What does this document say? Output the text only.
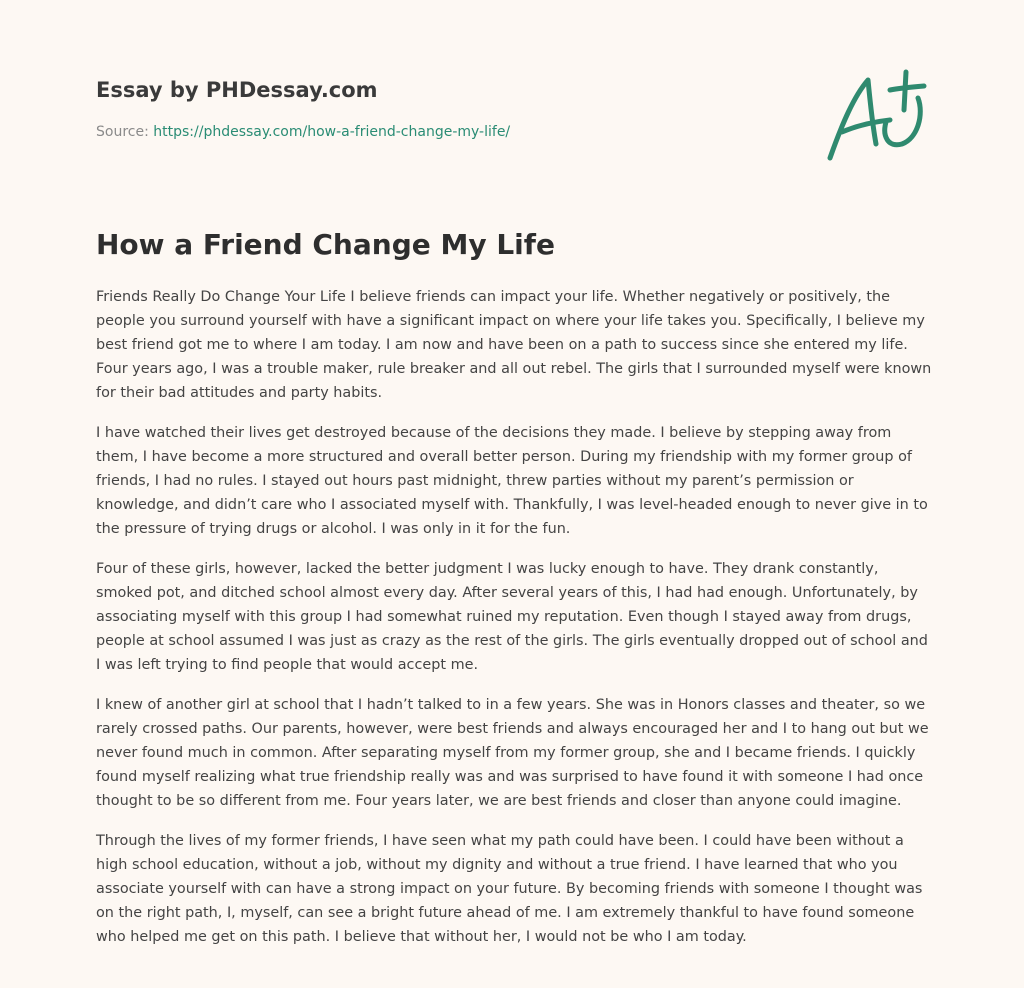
Essay by PHDessay.com
Source: https://phdessay.com/how-a-friend-change-my-life/
How a Friend Change My Life

Friends Really Do Change Your Life I believe friends can impact your life. Whether negatively or positively, the people you surround yourself with have a significant impact on where your life takes you. Specifically, I believe my best friend got me to where I am today. I am now and have been on a path to success since she entered my life. Four years ago, I was a trouble maker, rule breaker and all out rebel. The girls that I surrounded myself were known for their bad attitudes and party habits.

I have watched their lives get destroyed because of the decisions they made. I believe by stepping away from them, I have become a more structured and overall better person. During my friendship with my former group of friends, I had no rules. I stayed out hours past midnight, threw parties without my parent’s permission or knowledge, and didn’t care who I associated myself with. Thankfully, I was level-headed enough to never give in to the pressure of trying drugs or alcohol. I was only in it for the fun.

Four of these girls, however, lacked the better judgment I was lucky enough to have. They drank constantly, smoked pot, and ditched school almost every day. After several years of this, I had had enough. Unfortunately, by associating myself with this group I had somewhat ruined my reputation. Even though I stayed away from drugs, people at school assumed I was just as crazy as the rest of the girls. The girls eventually dropped out of school and I was left trying to find people that would accept me.

I knew of another girl at school that I hadn’t talked to in a few years. She was in Honors classes and theater, so we rarely crossed paths. Our parents, however, were best friends and always encouraged her and I to hang out but we never found much in common. After separating myself from my former group, she and I became friends. I quickly found myself realizing what true friendship really was and was surprised to have found it with someone I had once thought to be so different from me. Four years later, we are best friends and closer than anyone could imagine.

Through the lives of my former friends, I have seen what my path could have been. I could have been without a high school education, without a job, without my dignity and without a true friend. I have learned that who you associate yourself with can have a strong impact on your future. By becoming friends with someone I thought was on the right path, I, myself, can see a bright future ahead of me. I am extremely thankful to have found someone who helped me get on this path. I believe that without her, I would not be who I am today.
